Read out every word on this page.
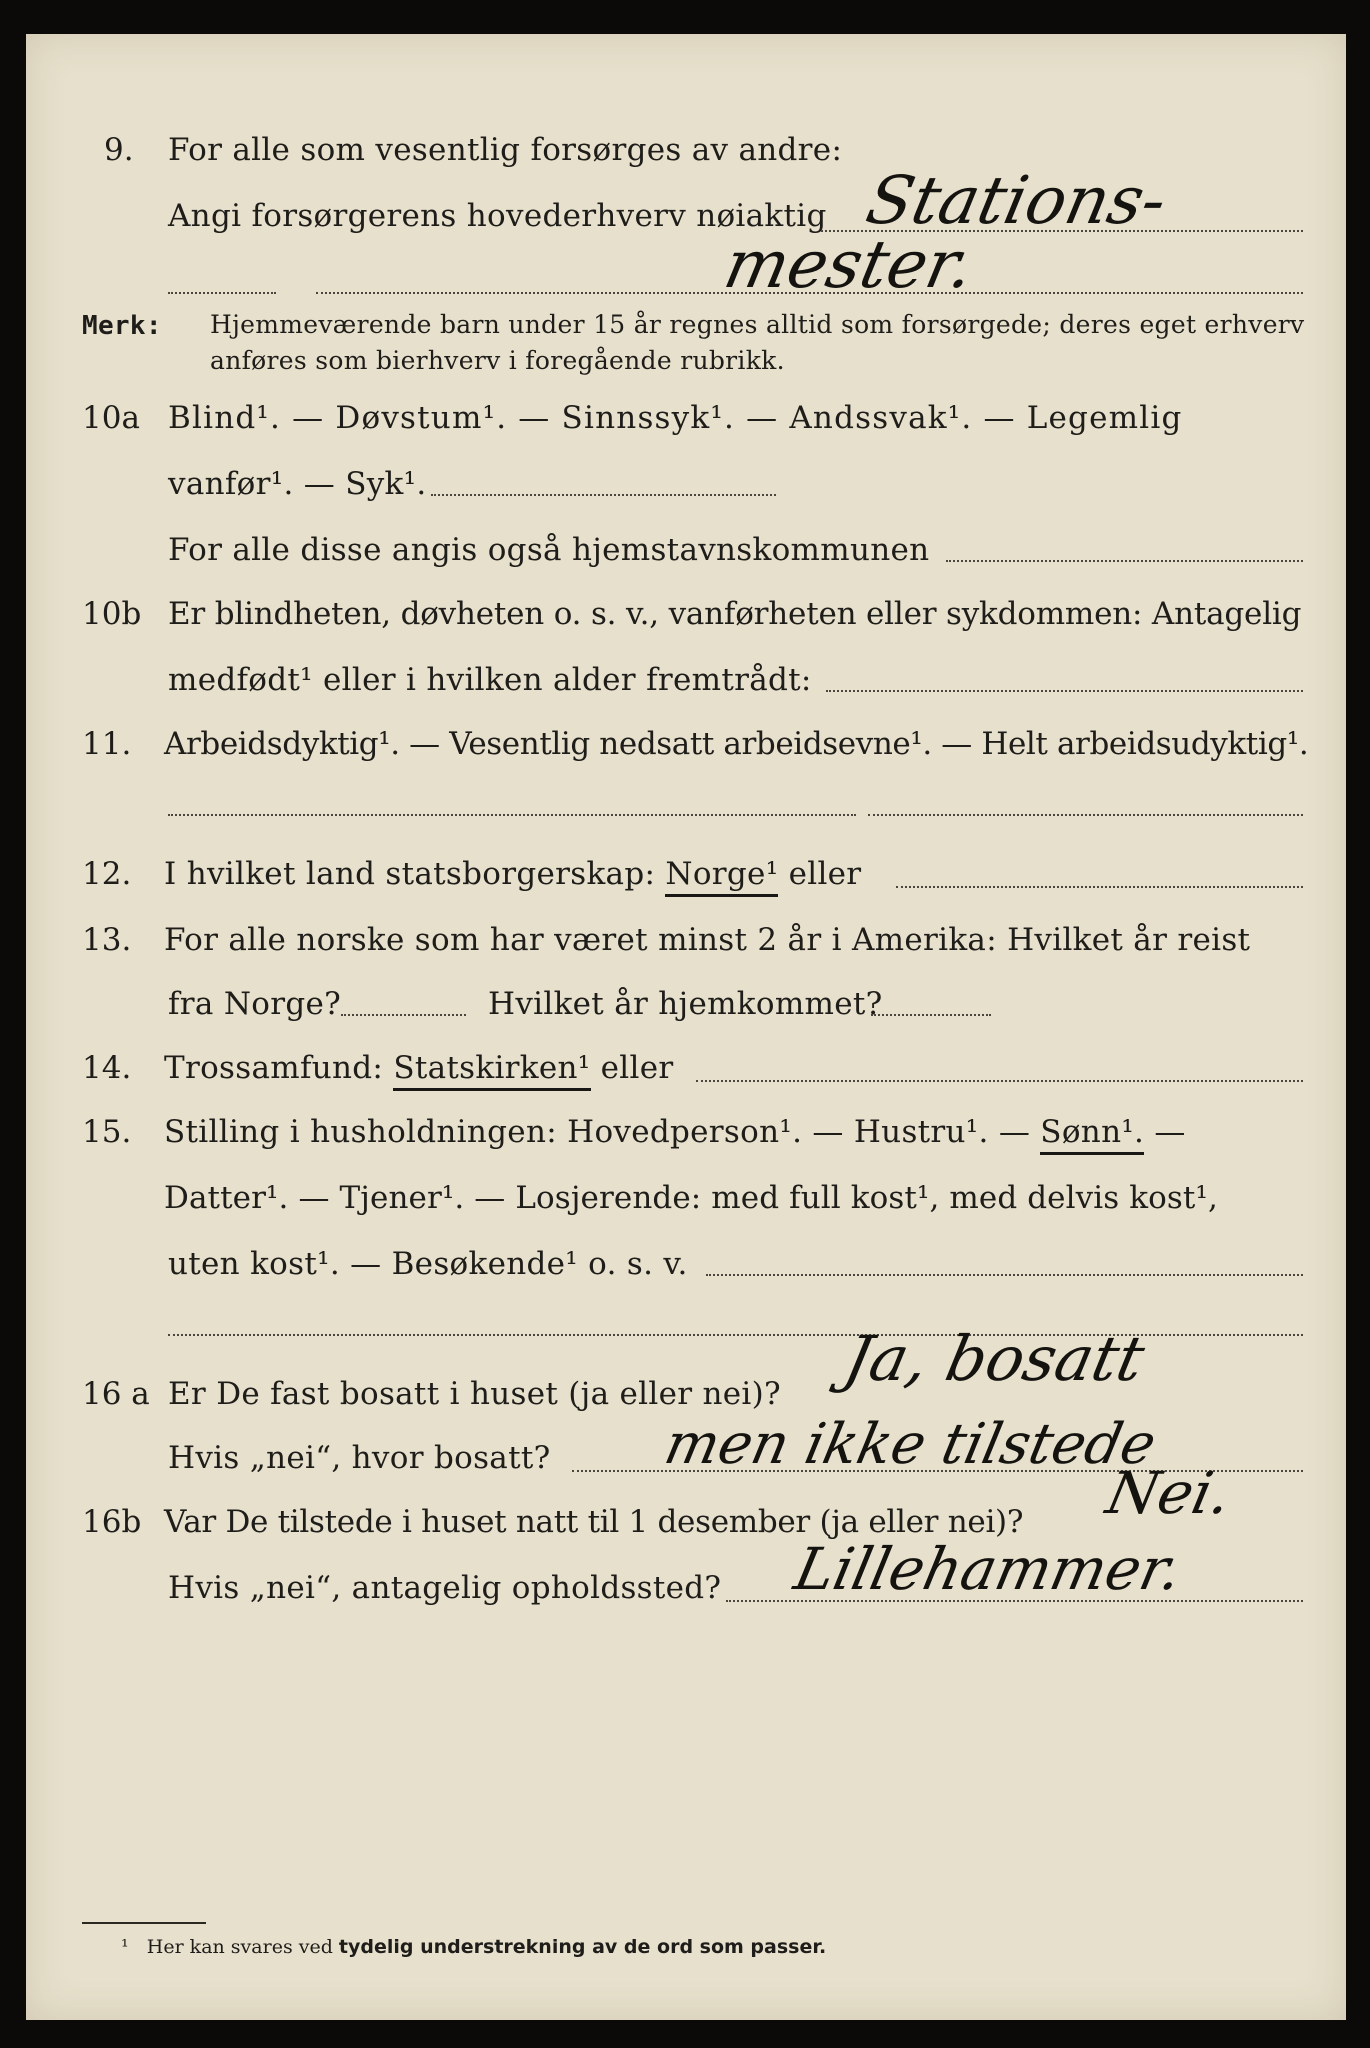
9. For alle som vesentlig forsørges av andre:
Angi forsørgerens hovederhverv nøiaktig Stations-
mester.
Merk: Hjemmeværende barn under 15 år regnes alltid som forsørgede; deres eget erhverv
anføres som bierhverv i foregående rubrikk.
10a Blind¹. — Døvstum¹. — Sinnssyk¹. — Andssvak¹. — Legemlig
vanfør¹. — Syk¹.
For alle disse angis også hjemstavnskommunen
10b Er blindheten, døvheten o. s. v., vanførheten eller sykdommen: Antagelig
medfødt¹ eller i hvilken alder fremtrådt:
11. Arbeidsdyktig¹. — Vesentlig nedsatt arbeidsevne¹. — Helt arbeidsudyktig¹.
12. I hvilket land statsborgerskap: Norge¹ eller
13. For alle norske som har været minst 2 år i Amerika: Hvilket år reist
fra Norge?	Hvilket år hjemkommet?
14. Trossamfund: Statskirken¹ eller
15. Stilling i husholdningen: Hovedperson¹. — Hustru¹. — Sønn¹. —
Datter¹. — Tjener¹. — Losjerende: med full kost¹, med delvis kost¹,
uten kost¹. — Besøkende¹ o. s. v.
16 a Er De fast bosatt i huset (ja eller nei)? Ja, bosatt
Hvis „nei“, hvor bosatt? men ikke tilstede
16b Var De tilstede i huset natt til 1 desember (ja eller nei)? Nei.
Hvis „nei“, antagelig opholdssted? Lillehammer.
¹ Her kan svares ved tydelig understrekning av de ord som passer.
